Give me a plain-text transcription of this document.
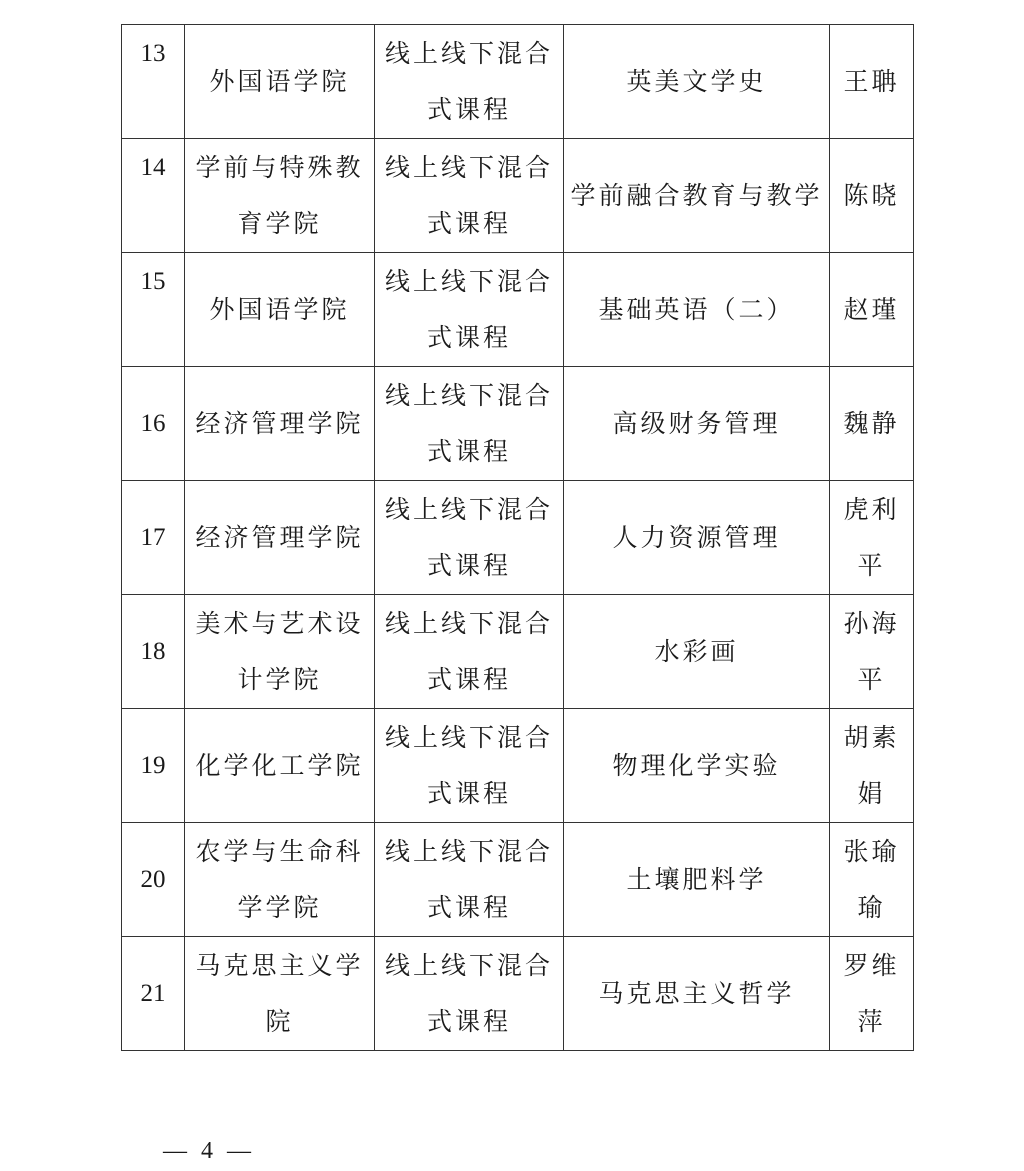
13	外国语学院	线上线下混合式课程	英美文学史	王聃
14	学前与特殊教育学院	线上线下混合式课程	学前融合教育与教学	陈晓
15	外国语学院	线上线下混合式课程	基础英语（二）	赵瑾
16	经济管理学院	线上线下混合式课程	高级财务管理	魏静
17	经济管理学院	线上线下混合式课程	人力资源管理	虎利平
18	美术与艺术设计学院	线上线下混合式课程	水彩画	孙海平
19	化学化工学院	线上线下混合式课程	物理化学实验	胡素娟
20	农学与生命科学学院	线上线下混合式课程	土壤肥料学	张瑜瑜
21	马克思主义学院	线上线下混合式课程	马克思主义哲学	罗维萍
— 4 —
